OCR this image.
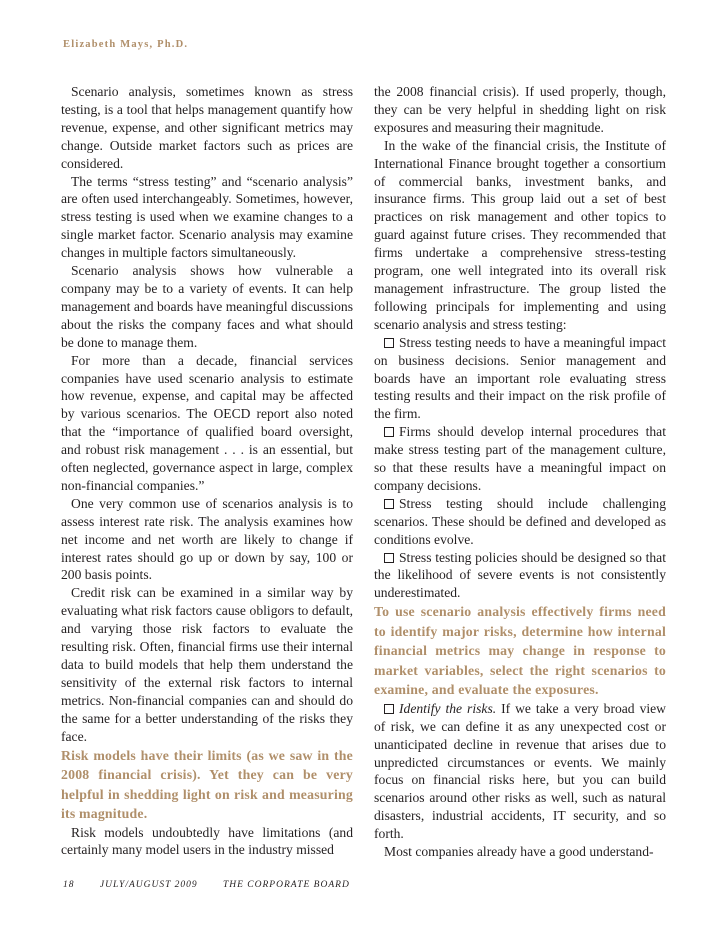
Elizabeth Mays, Ph.D.

Scenario analysis, sometimes known as stress testing, is a tool that helps management quantify how revenue, expense, and other significant metrics may change. Outside market factors such as prices are considered.

The terms “stress testing” and “scenario analysis” are often used interchangeably. Sometimes, however, stress testing is used when we examine changes to a single market factor. Scenario analysis may examine changes in multiple factors simultaneously.

Scenario analysis shows how vulnerable a company may be to a variety of events. It can help management and boards have meaningful discussions about the risks the company faces and what should be done to manage them.

For more than a decade, financial services companies have used scenario analysis to estimate how revenue, expense, and capital may be affected by various scenarios. The OECD report also noted that the “importance of qualified board oversight, and robust risk management . . . is an essential, but often neglected, governance aspect in large, complex non-financial companies.”

One very common use of scenarios analysis is to assess interest rate risk. The analysis examines how net income and net worth are likely to change if interest rates should go up or down by say, 100 or 200 basis points.

Credit risk can be examined in a similar way by evaluating what risk factors cause obligors to default, and varying those risk factors to evaluate the resulting risk. Often, financial firms use their internal data to build models that help them understand the sensitivity of the external risk factors to internal metrics. Non-financial companies can and should do the same for a better understanding of the risks they face.

Risk models have their limits (as we saw in the 2008 financial crisis). Yet they can be very helpful in shedding light on risk and measuring its magnitude.

Risk models undoubtedly have limitations (and certainly many model users in the industry missed

the 2008 financial crisis). If used properly, though, they can be very helpful in shedding light on risk exposures and measuring their magnitude.

In the wake of the financial crisis, the Institute of International Finance brought together a consortium of commercial banks, investment banks, and insurance firms. This group laid out a set of best practices on risk management and other topics to guard against future crises. They recommended that firms undertake a comprehensive stress-testing program, one well integrated into its overall risk management infrastructure. The group listed the following principals for implementing and using scenario analysis and stress testing:

Stress testing needs to have a meaningful impact on business decisions. Senior management and boards have an important role evaluating stress testing results and their impact on the risk profile of the firm.

Firms should develop internal procedures that make stress testing part of the management culture, so that these results have a meaningful impact on company decisions.

Stress testing should include challenging scenarios. These should be defined and developed as conditions evolve.

Stress testing policies should be designed so that the likelihood of severe events is not consistently underestimated.

To use scenario analysis effectively firms need to identify major risks, determine how internal financial metrics may change in response to market variables, select the right scenarios to examine, and evaluate the exposures.

Identify the risks. If we take a very broad view of risk, we can define it as any unexpected cost or unanticipated decline in revenue that arises due to unpredicted circumstances or events. We mainly focus on financial risks here, but you can build scenarios around other risks as well, such as natural disasters, industrial accidents, IT security, and so forth.

Most companies already have a good understand-

18	JULY/AUGUST 2009	THE CORPORATE BOARD
